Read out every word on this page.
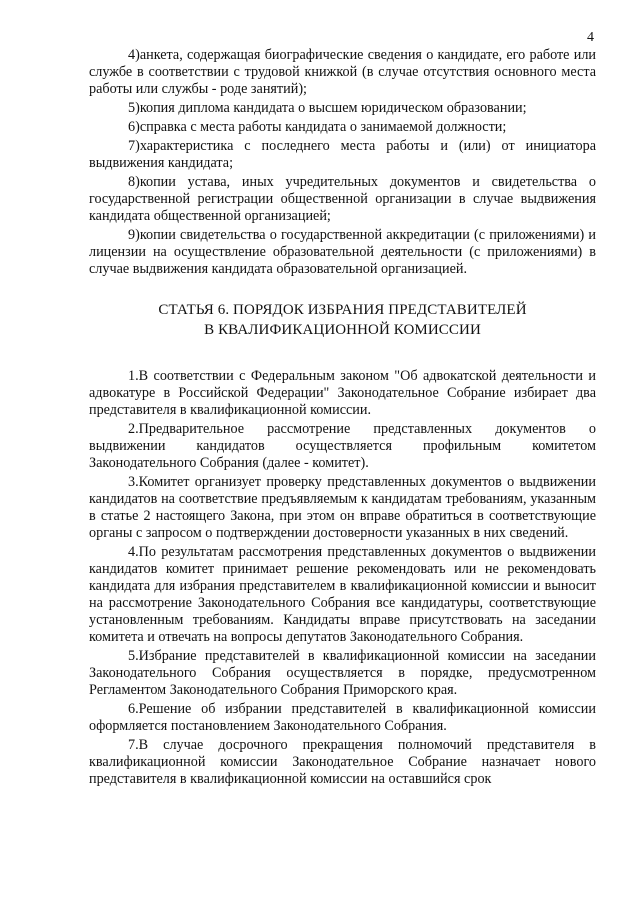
4

4)анкета, содержащая биографические сведения о кандидате, его работе или службе в соответствии с трудовой книжкой (в случае отсутствия основного места работы или службы - роде занятий);

5)копия диплома кандидата о высшем юридическом образовании;

6)справка с места работы кандидата о занимаемой должности;

7)характеристика с последнего места работы и (или) от инициатора выдвижения кандидата;

8)копии устава, иных учредительных документов и свидетельства о государственной регистрации общественной организации в случае выдвижения кандидата общественной организацией;

9)копии свидетельства о государственной аккредитации (с приложениями) и лицензии на осуществление образовательной деятельности (с приложениями) в случае выдвижения кандидата образовательной организацией.

СТАТЬЯ 6. ПОРЯДОК ИЗБРАНИЯ ПРЕДСТАВИТЕЛЕЙ
В КВАЛИФИКАЦИОННОЙ КОМИССИИ

1.В соответствии с Федеральным законом "Об адвокатской деятельности и адвокатуре в Российской Федерации" Законодательное Собрание избирает два представителя в квалификационной комиссии.

2.Предварительное рассмотрение представленных документов о выдвижении кандидатов осуществляется профильным комитетом Законодательного Собрания (далее - комитет).

3.Комитет организует проверку представленных документов о выдвижении кандидатов на соответствие предъявляемым к кандидатам требованиям, указанным в статье 2 настоящего Закона, при этом он вправе обратиться в соответствующие органы с запросом о подтверждении достоверности указанных в них сведений.

4.По результатам рассмотрения представленных документов о выдвижении кандидатов комитет принимает решение рекомендовать или не рекомендовать кандидата для избрания представителем в квалификационной комиссии и выносит на рассмотрение Законодательного Собрания все кандидатуры, соответствующие установленным требованиям. Кандидаты вправе присутствовать на заседании комитета и отвечать на вопросы депутатов Законодательного Собрания.

5.Избрание представителей в квалификационной комиссии на заседании Законодательного Собрания осуществляется в порядке, предусмотренном Регламентом Законодательного Собрания Приморского края.

6.Решение об избрании представителей в квалификационной комиссии оформляется постановлением Законодательного Собрания.

7.В случае досрочного прекращения полномочий представителя в квалификационной комиссии Законодательное Собрание назначает нового представителя в квалификационной комиссии на оставшийся срок
